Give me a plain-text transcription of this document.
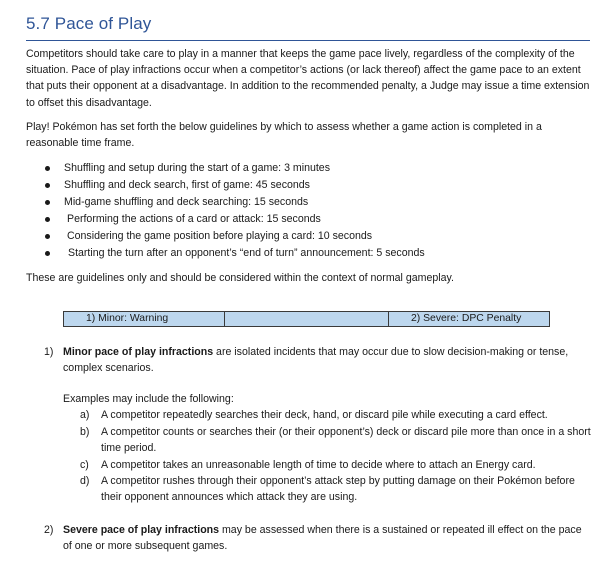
5.7 Pace of Play

Competitors should take care to play in a manner that keeps the game pace lively, regardless of the complexity of the situation. Pace of play infractions occur when a competitor’s actions (or lack thereof) affect the game pace to an extent that puts their opponent at a disadvantage. In addition to the recommended penalty, a Judge may issue a time extension to offset this disadvantage.

Play! Pokémon has set forth the below guidelines by which to assess whether a game action is completed in a reasonable time frame.

Shuffling and setup during the start of a game: 3 minutes
Shuffling and deck search, first of game: 45 seconds
Mid-game shuffling and deck searching: 15 seconds
Performing the actions of a card or attack: 15 seconds
Considering the game position before playing a card: 10 seconds
Starting the turn after an opponent’s “end of turn” announcement: 5 seconds

These are guidelines only and should be considered within the context of normal gameplay.

1) Minor: Warning	2) Severe: DPC Penalty
1) Minor pace of play infractions are isolated incidents that may occur due to slow decision-making or tense, complex scenarios.
Examples may include the following:
a) A competitor repeatedly searches their deck, hand, or discard pile while executing a card effect.
b) A competitor counts or searches their (or their opponent’s) deck or discard pile more than once in a short time period.
c) A competitor takes an unreasonable length of time to decide where to attach an Energy card.
d) A competitor rushes through their opponent’s attack step by putting damage on their Pokémon before their opponent announces which attack they are using.
2) Severe pace of play infractions may be assessed when there is a sustained or repeated ill effect on the pace of one or more subsequent games.
